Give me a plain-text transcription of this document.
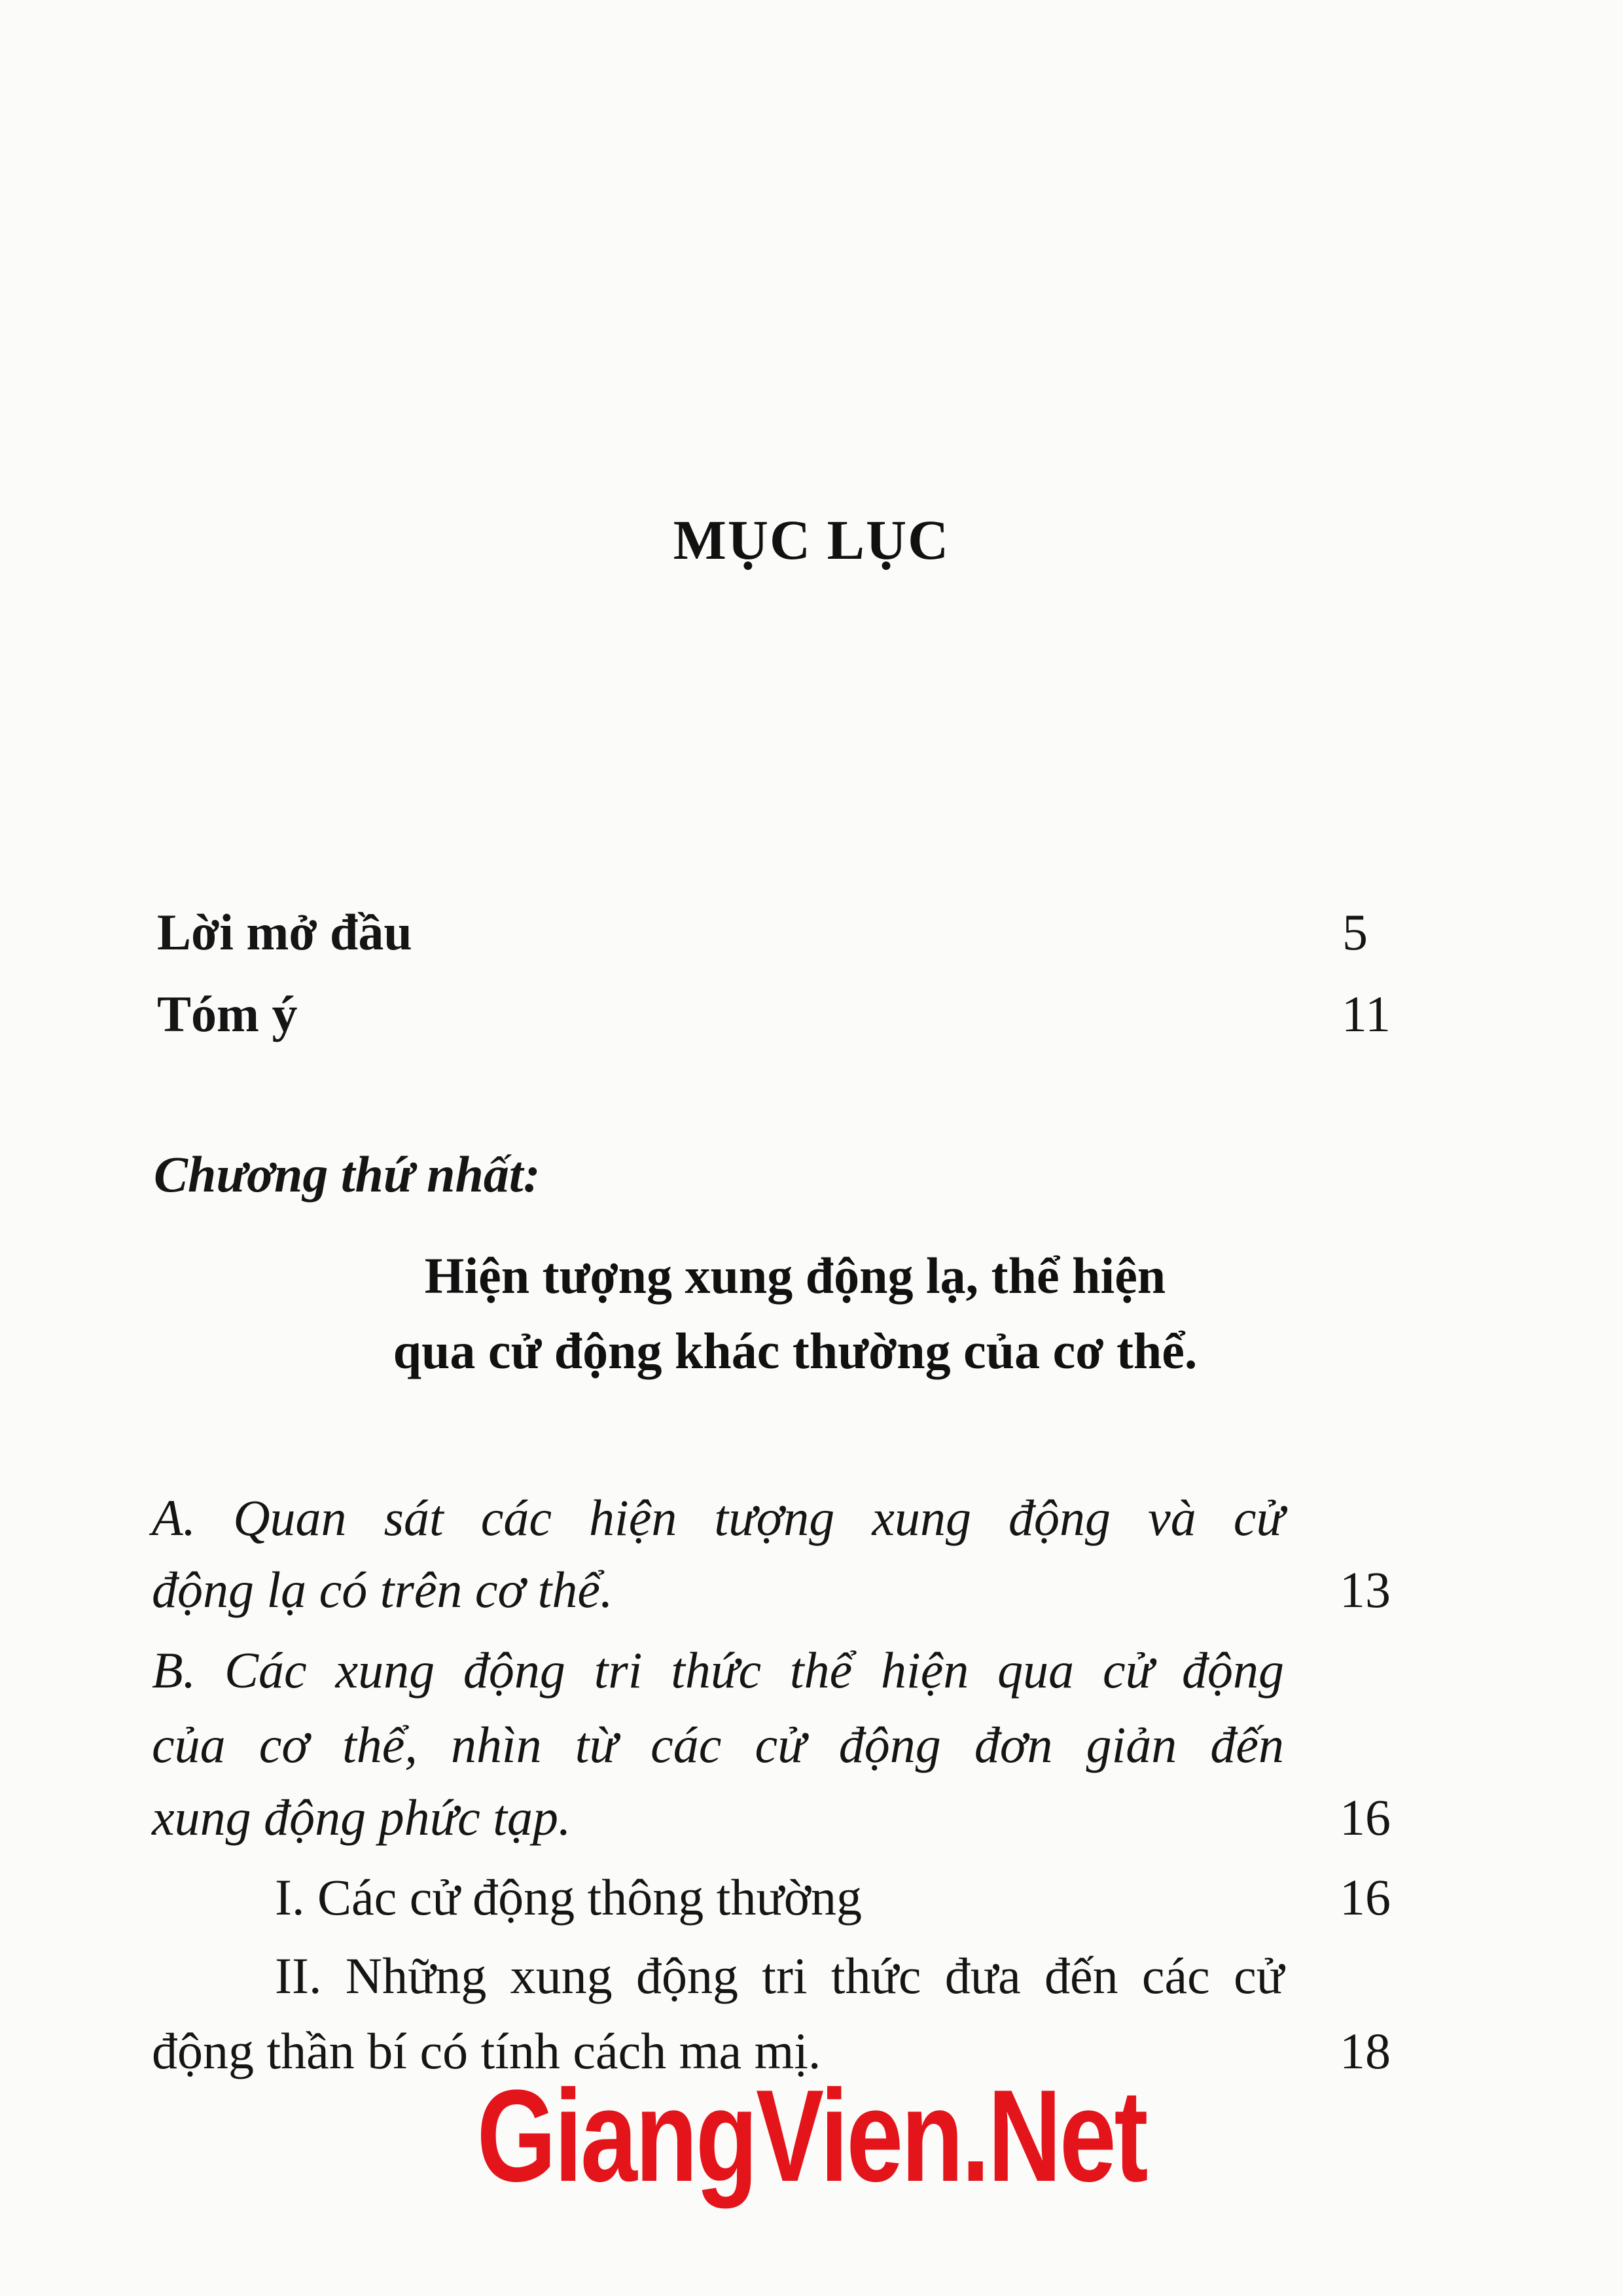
MỤC LỤC
Lời mở đầu	5
Tóm ý	11
Chương thứ nhất:
Hiện tượng xung động lạ, thể hiện
qua cử động khác thường của cơ thể.
A. Quan sát các hiện tượng xung động và cử
động lạ có trên cơ thể.	13
B. Các xung động tri thức thể hiện qua cử động
của cơ thể, nhìn từ các cử động đơn giản đến
xung động phức tạp.	16
I. Các cử động thông thường	16
II. Những xung động tri thức đưa đến các cử
động thần bí có tính cách ma mị.	18
GiangVien.Net
